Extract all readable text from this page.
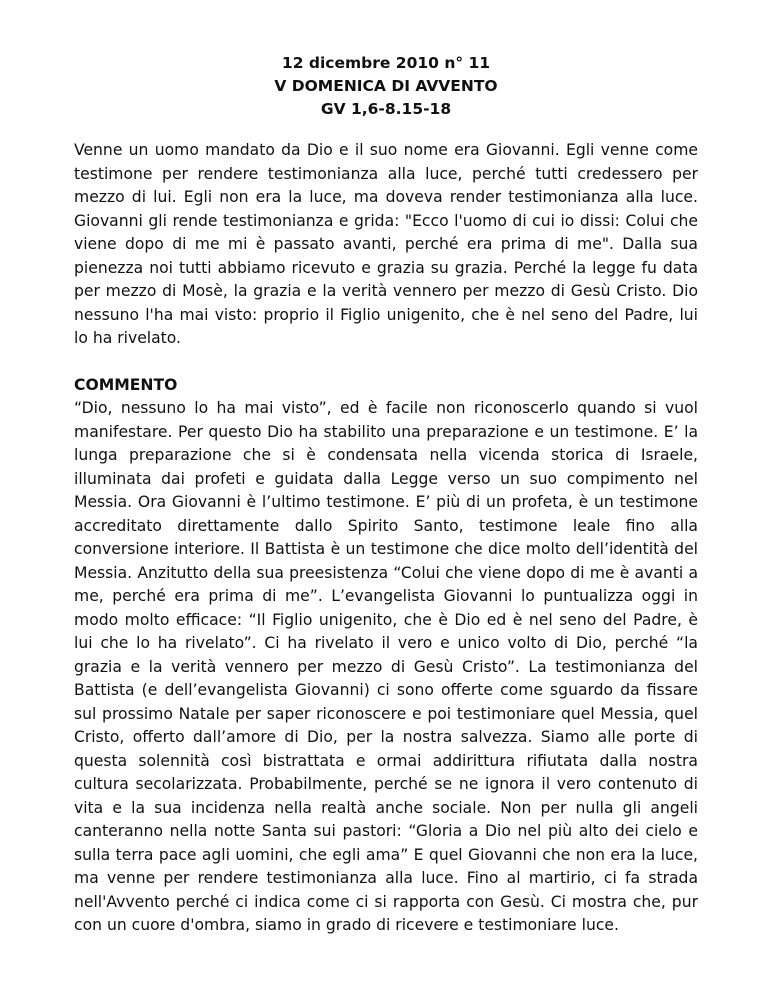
12 dicembre 2010 n° 11
V DOMENICA DI AVVENTO
GV 1,6-8.15-18

Venne un uomo mandato da Dio e il suo nome era Giovanni. Egli venne come testimone per rendere testimonianza alla luce, perché tutti credessero per mezzo di lui. Egli non era la luce, ma doveva render testimonianza alla luce. Giovanni gli rende testimonianza e grida: "Ecco l'uomo di cui io dissi: Colui che viene dopo di me mi è passato avanti, perché era prima di me". Dalla sua pienezza noi tutti abbiamo ricevuto e grazia su grazia. Perché la legge fu data per mezzo di Mosè, la grazia e la verità vennero per mezzo di Gesù Cristo. Dio nessuno l'ha mai visto: proprio il Figlio unigenito, che è nel seno del Padre, lui lo ha rivelato.

COMMENTO

“Dio, nessuno lo ha mai visto”, ed è facile non riconoscerlo quando si vuol manifestare. Per questo Dio ha stabilito una preparazione e un testimone. E’ la lunga preparazione che si è condensata nella vicenda storica di Israele, illuminata dai profeti e guidata dalla Legge verso un suo compimento nel Messia. Ora Giovanni è l’ultimo testimone. E’ più di un profeta, è un testimone accreditato direttamente dallo Spirito Santo, testimone leale fino alla conversione interiore. Il Battista è un testimone che dice molto dell’identità del Messia. Anzitutto della sua preesistenza “Colui che viene dopo di me è avanti a me, perché era prima di me”. L’evangelista Giovanni lo puntualizza oggi in modo molto efficace: “Il Figlio unigenito, che è Dio ed è nel seno del Padre, è lui che lo ha rivelato”. Ci ha rivelato il vero e unico volto di Dio, perché “la grazia e la verità vennero per mezzo di Gesù Cristo”. La testimonianza del Battista (e dell’evangelista Giovanni) ci sono offerte come sguardo da fissare sul prossimo Natale per saper riconoscere e poi testimoniare quel Messia, quel Cristo, offerto dall’amore di Dio, per la nostra salvezza. Siamo alle porte di questa solennità così bistrattata e ormai addirittura rifiutata dalla nostra cultura secolarizzata. Probabilmente, perché se ne ignora il vero contenuto di vita e la sua incidenza nella realtà anche sociale. Non per nulla gli angeli canteranno nella notte Santa sui pastori: “Gloria a Dio nel più alto dei cielo e sulla terra pace agli uomini, che egli ama” E quel Giovanni che non era la luce, ma venne per rendere testimonianza alla luce. Fino al martirio, ci fa strada nell'Avvento perché ci indica come ci si rapporta con Gesù. Ci mostra che, pur con un cuore d'ombra, siamo in grado di ricevere e testimoniare luce.
